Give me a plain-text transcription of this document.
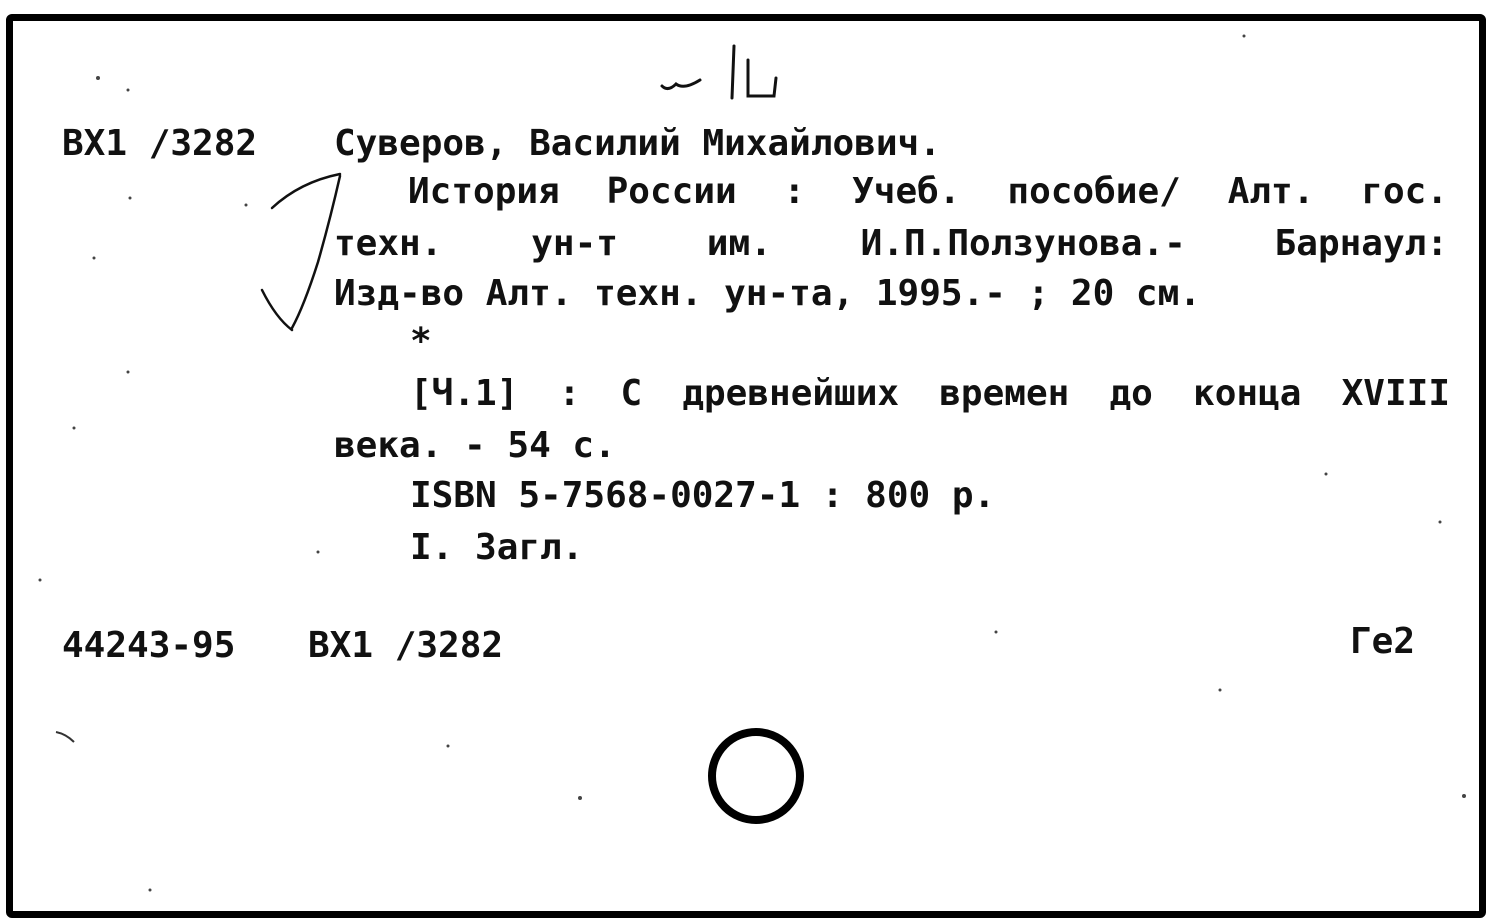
ВХ1 /3282 Суверов, Василий Михайлович.
История России : Учеб. пособие/ Алт. гос.
техн. ун-т им. И.П.Ползунова.- Барнаул:
Изд-во Алт. техн. ун-та, 1995.- ; 20 см.
*
[Ч.1] : С древнейших времен до конца XVIII
века. - 54 с.
ISBN 5-7568-0027-1 : 800 р.
I. Загл.
44243-95 ВХ1 /3282	Ге2
